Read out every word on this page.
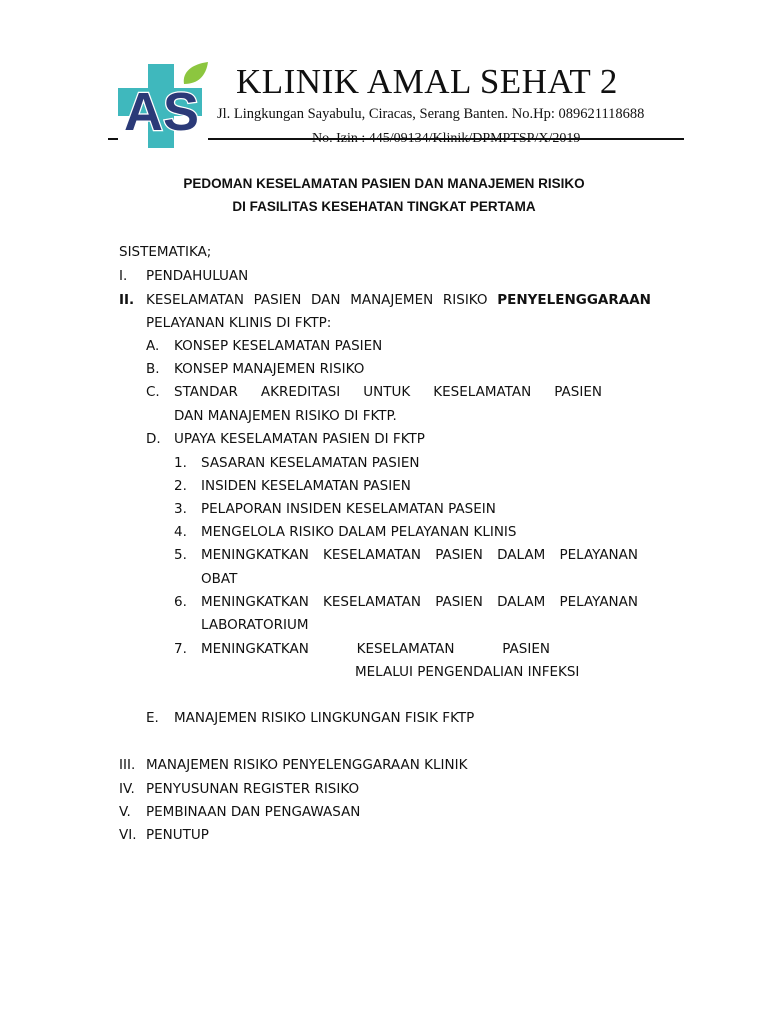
AS
KLINIK AMAL SEHAT 2
Jl. Lingkungan Sayabulu, Ciracas, Serang Banten. No.Hp: 089621118688
No. Izin : 445/09134/Klinik/DPMPTSP/X/2019
PEDOMAN KESELAMATAN PASIEN DAN MANAJEMEN RISIKO
DI FASILITAS KESEHATAN TINGKAT PERTAMA
SISTEMATIKA;
I. PENDAHULUAN
II. KESELAMATAN PASIEN DAN MANAJEMEN RISIKO PENYELENGGARAAN
PELAYANAN KLINIS DI FKTP:
A. KONSEP KESELAMATAN PASIEN
B. KONSEP MANAJEMEN RISIKO
C. STANDAR AKREDITASI UNTUK KESELAMATAN PASIEN
DAN MANAJEMEN RISIKO DI FKTP.
D. UPAYA KESELAMATAN PASIEN DI FKTP
1. SASARAN KESELAMATAN PASIEN
2. INSIDEN KESELAMATAN PASIEN
3. PELAPORAN INSIDEN KESELAMATAN PASEIN
4. MENGELOLA RISIKO DALAM PELAYANAN KLINIS
5. MENINGKATKAN KESELAMATAN PASIEN DALAM PELAYANAN
OBAT
6. MENINGKATKAN KESELAMATAN PASIEN DALAM PELAYANAN
LABORATORIUM
7. MENINGKATKAN	KESELAMATAN	PASIEN
MELALUI PENGENDALIAN INFEKSI
E. MANAJEMEN RISIKO LINGKUNGAN FISIK FKTP
III. MANAJEMEN RISIKO PENYELENGGARAAN KLINIK
IV. PENYUSUNAN REGISTER RISIKO
V. PEMBINAAN DAN PENGAWASAN
VI. PENUTUP
